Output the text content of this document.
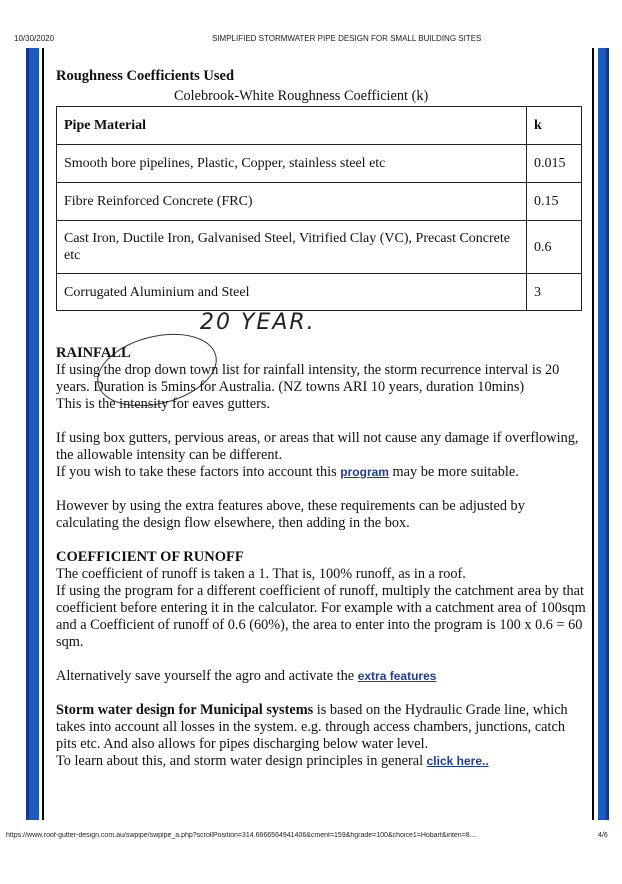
10/30/2020	SIMPLIFIED STORMWATER PIPE DESIGN FOR SMALL BUILDING SITES
20 YEAR.
Roughness Coefficients Used
Colebrook-White Roughness Coefficient (k)
Pipe Material	k
Smooth bore pipelines, Plastic, Copper, stainless steel etc	0.015
Fibre Reinforced Concrete (FRC)	0.15
Cast Iron, Ductile Iron, Galvanised Steel, Vitrified Clay (VC), Precast Concrete etc	0.6
Corrugated Aluminium and Steel	3
RAINFALL

If using the drop down town list for rainfall intensity, the storm recurrence interval is 20 years. Duration is 5mins for Australia. (NZ towns ARI 10 years, duration 10mins)

This is the intensity for eaves gutters.

If using box gutters, pervious areas, or areas that will not cause any damage if overflowing, the allowable intensity can be different.

If you wish to take these factors into account this program may be more suitable.

However by using the extra features above, these requirements can be adjusted by calculating the design flow elsewhere, then adding in the box.

COEFFICIENT OF RUNOFF

The coefficient of runoff is taken a 1. That is, 100% runoff, as in a roof.

If using the program for a different coefficient of runoff, multiply the catchment area by that coefficient before entering it in the calculator. For example with a catchment area of 100sqm and a Coefficient of runoff of 0.6 (60%), the area to enter into the program is 100 x 0.6 = 60 sqm.

Alternatively save yourself the agro and activate the extra features

Storm water design for Municipal systems is based on the Hydraulic Grade line, which takes into account all losses in the system. e.g. through access chambers, junctions, catch pits etc. And also allows for pipes discharging below water level.

To learn about this, and storm water design principles in general click here..

https://www.roof-gutter-design.com.au/swpipe/swpipe_a.php?scrollPosition=314.6666564941406&cment=159&hgrade=100&choice1=Hobart&inten=8...	4/6
